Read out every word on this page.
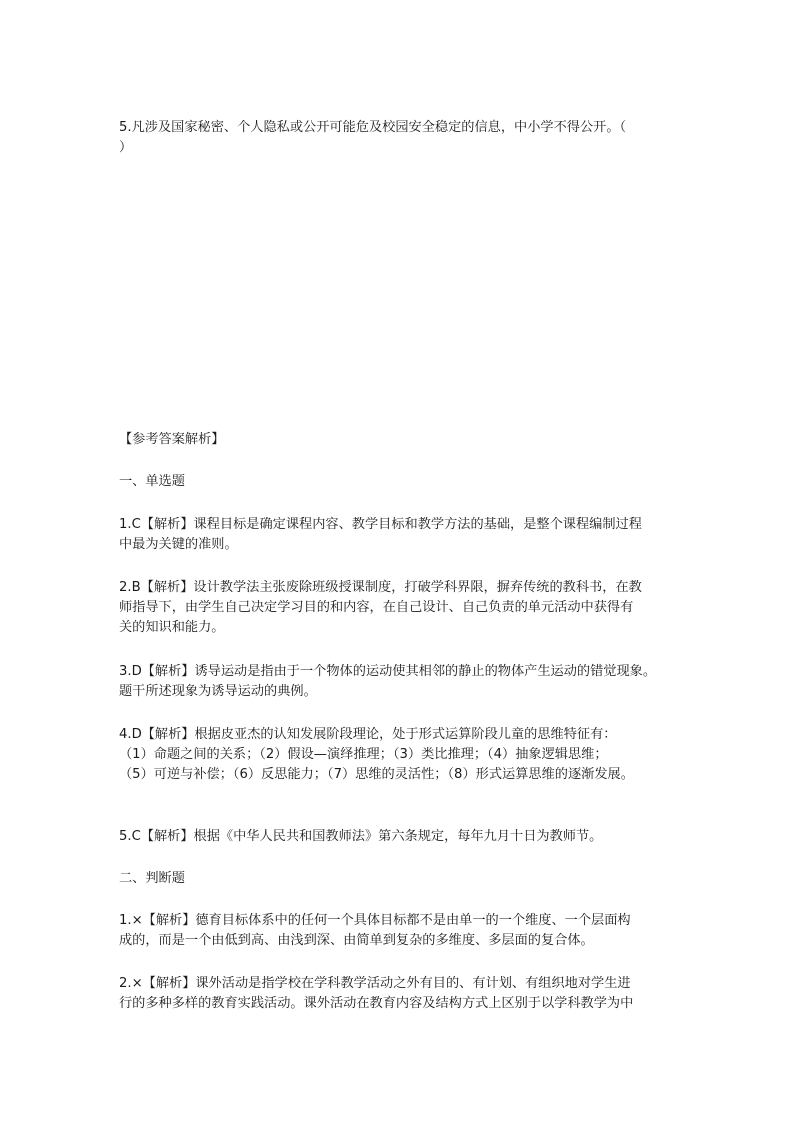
5.凡涉及国家秘密、个人隐私或公开可能危及校园安全稳定的信息，中小学不得公开。（
）
【参考答案解析】
一、单选题
1.C【解析】课程目标是确定课程内容、教学目标和教学方法的基础，是整个课程编制过程
中最为关键的准则。
2.B【解析】设计教学法主张废除班级授课制度，打破学科界限，摒弃传统的教科书，在教
师指导下，由学生自己决定学习目的和内容，在自己设计、自己负责的单元活动中获得有
关的知识和能力。
3.D【解析】诱导运动是指由于一个物体的运动使其相邻的静止的物体产生运动的错觉现象。
题干所述现象为诱导运动的典例。
4.D【解析】根据皮亚杰的认知发展阶段理论，处于形式运算阶段儿童的思维特征有：
（1）命题之间的关系；（2）假设—演绎推理；（3）类比推理；（4）抽象逻辑思维；
（5）可逆与补偿；（6）反思能力；（7）思维的灵活性；（8）形式运算思维的逐渐发展。
5.C【解析】根据《中华人民共和国教师法》第六条规定，每年九月十日为教师节。
二、判断题
1.×【解析】德育目标体系中的任何一个具体目标都不是由单一的一个维度、一个层面构
成的，而是一个由低到高、由浅到深、由简单到复杂的多维度、多层面的复合体。
2.×【解析】课外活动是指学校在学科教学活动之外有目的、有计划、有组织地对学生进
行的多种多样的教育实践活动。课外活动在教育内容及结构方式上区别于以学科教学为中
